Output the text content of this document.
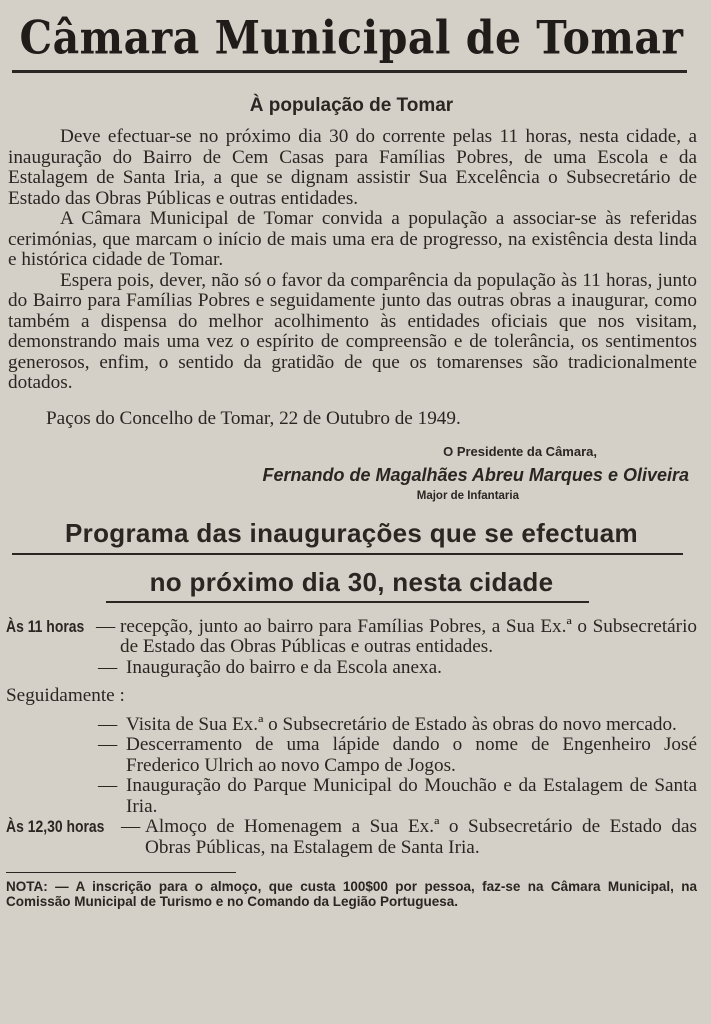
Câmara Municipal de Tomar
À população de Tomar

Deve efectuar-se no próximo dia 30 do corrente pelas 11 horas, nesta cidade, a inauguração do Bairro de Cem Casas para Famílias Pobres, de uma Escola e da Estalagem de Santa Iria, a que se dignam assistir Sua Excelência o Subsecretário de Estado das Obras Públicas e outras entidades.

A Câmara Municipal de Tomar convida a população a associar-se às referidas cerimónias, que marcam o início de mais uma era de progresso, na existência desta linda e histórica cidade de Tomar.

Espera pois, dever, não só o favor da comparência da população às 11 horas, junto do Bairro para Famílias Pobres e seguidamente junto das outras obras a inaugurar, como também a dispensa do melhor acolhimento às entidades oficiais que nos visitam, demonstrando mais uma vez o espírito de compreensão e de tolerância, os sentimentos generosos, enfim, o sentido da gratidão de que os tomarenses são tradicionalmente dotados.

Paços do Concelho de Tomar, 22 de Outubro de 1949.
O Presidente da Câmara,
Fernando de Magalhães Abreu Marques e Oliveira
Major de Infantaria
Programa das inaugurações que se efectuam
no próximo dia 30, nesta cidade
Às 11 horas — recepção, junto ao bairro para Famílias Pobres, a Sua Ex.ª o Subsecretário de Estado das Obras Públicas e outras entidades.
— Inauguração do bairro e da Escola anexa.
Seguidamente :
— Visita de Sua Ex.ª o Subsecretário de Estado às obras do novo mercado.
— Descerramento de uma lápide dando o nome de Engenheiro José Frederico Ulrich ao novo Campo de Jogos.
— Inauguração do Parque Municipal do Mouchão e da Estalagem de Santa Iria.
Às 12,30 horas — Almoço de Homenagem a Sua Ex.ª o Subsecretário de Estado das Obras Públicas, na Estalagem de Santa Iria.
NOTA: — A inscrição para o almoço, que custa 100$00 por pessoa, faz-se na Câmara Municipal, na Comissão Municipal de Turismo e no Comando da Legião Portuguesa.
